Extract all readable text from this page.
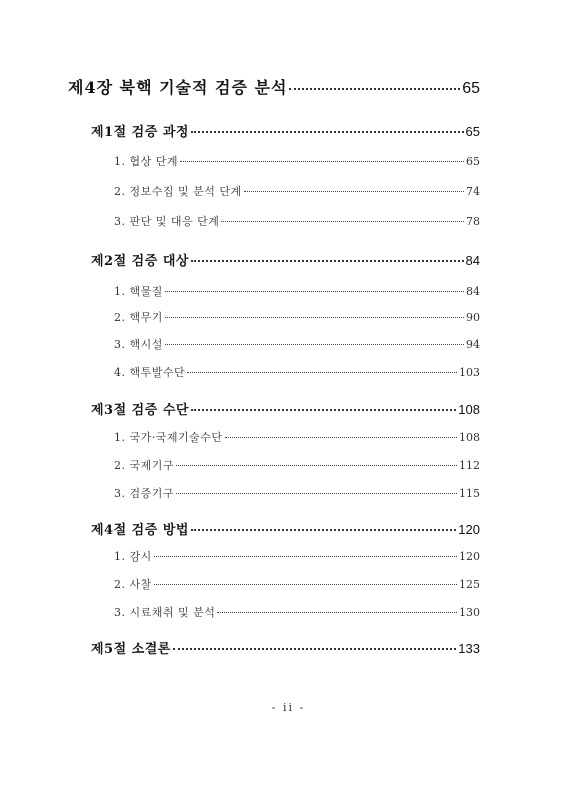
제4장 북핵 기술적 검증 분석	65
제1절 검증 과정	65
1. 협상 단계	65
2. 정보수집 및 분석 단계	74
3. 판단 및 대응 단계	78
제2절 검증 대상	84
1. 핵물질	84
2. 핵무기	90
3. 핵시설	94
4. 핵투발수단	103
제3절 검증 수단	108
1. 국가·국제기술수단	108
2. 국제기구	112
3. 검증기구	115
제4절 검증 방법	120
1. 감시	120
2. 사찰	125
3. 시료채취 및 분석	130
제5절 소결론	133
- ii -
